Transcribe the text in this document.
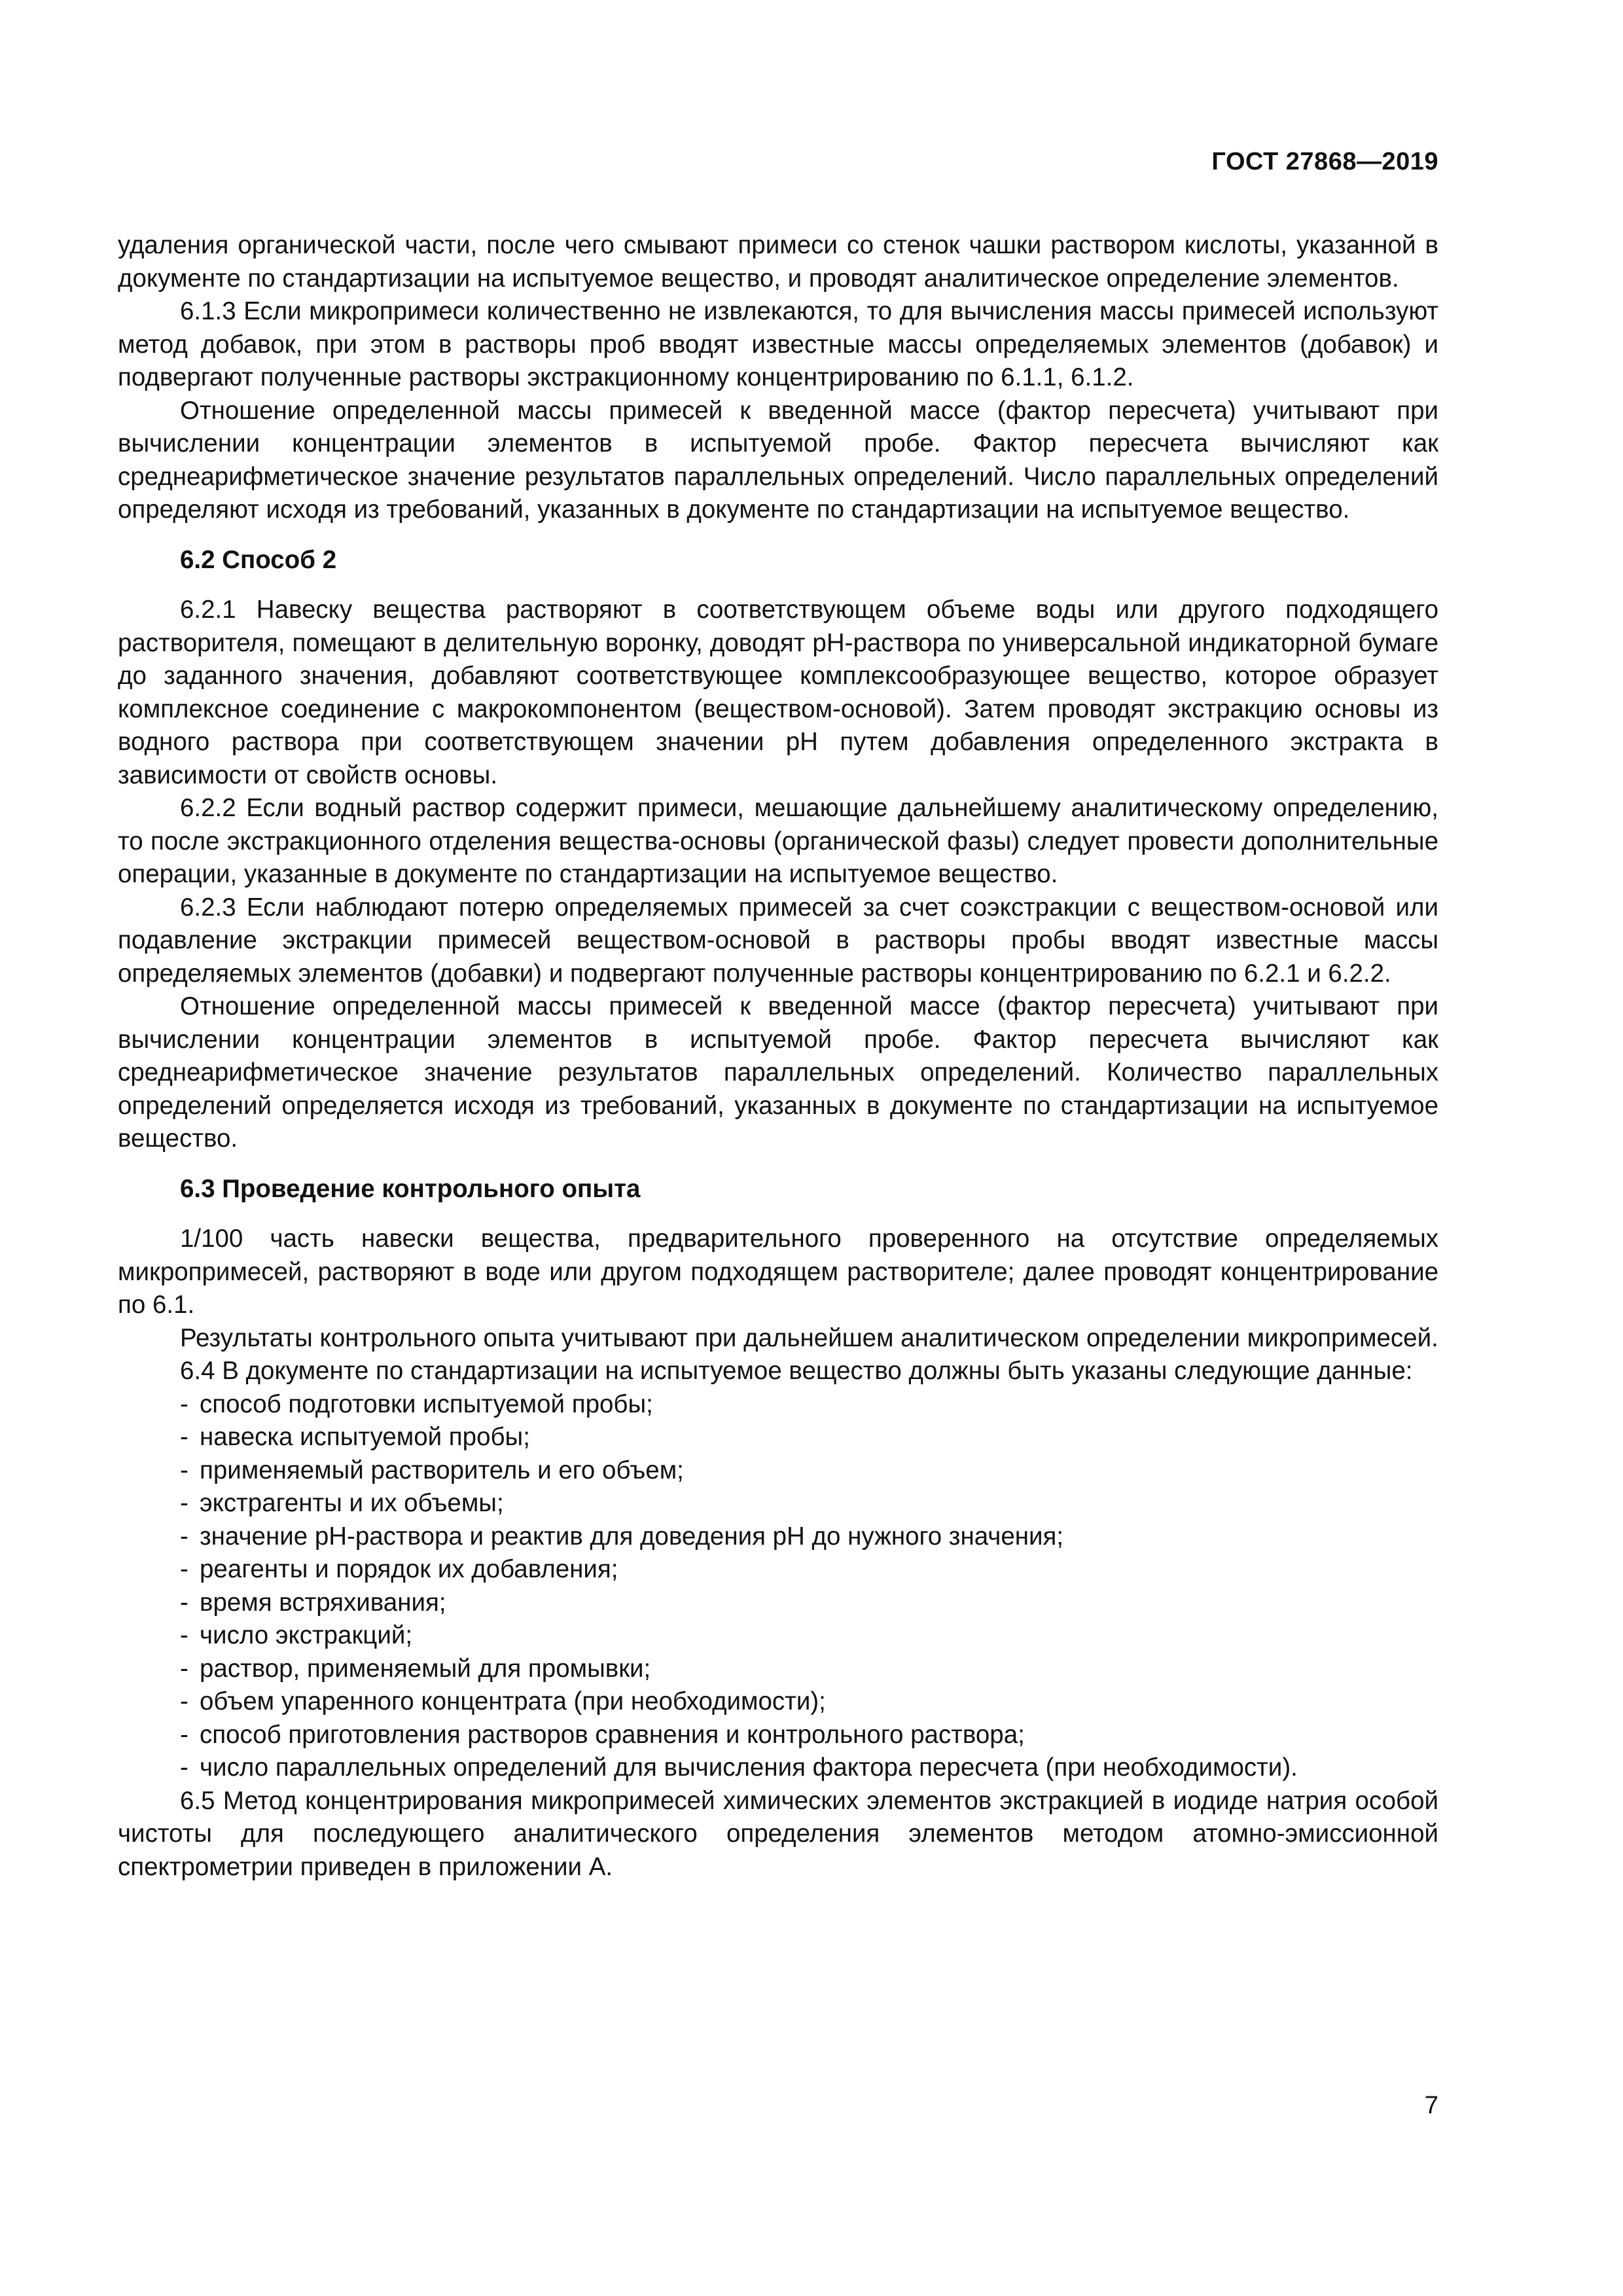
ГОСТ 27868—2019

удаления органической части, после чего смывают примеси со стенок чашки раствором кислоты, указанной в документе по стандартизации на испытуемое вещество, и проводят аналитическое определение элементов.

6.1.3 Если микропримеси количественно не извлекаются, то для вычисления массы примесей используют метод добавок, при этом в растворы проб вводят известные массы определяемых элементов (добавок) и подвергают полученные растворы экстракционному концентрированию по 6.1.1, 6.1.2.

Отношение определенной массы примесей к введенной массе (фактор пересчета) учитывают при вычислении концентрации элементов в испытуемой пробе. Фактор пересчета вычисляют как среднеарифметическое значение результатов параллельных определений. Число параллельных определений определяют исходя из требований, указанных в документе по стандартизации на испытуемое вещество.

6.2 Способ 2

6.2.1 Навеску вещества растворяют в соответствующем объеме воды или другого подходящего растворителя, помещают в делительную воронку, доводят pH-раствора по универсальной индикаторной бумаге до заданного значения, добавляют соответствующее комплексообразующее вещество, которое образует комплексное соединение с макрокомпонентом (веществом-основой). Затем проводят экстракцию основы из водного раствора при соответствующем значении pH путем добавления определенного экстракта в зависимости от свойств основы.

6.2.2 Если водный раствор содержит примеси, мешающие дальнейшему аналитическому определению, то после экстракционного отделения вещества-основы (органической фазы) следует провести дополнительные операции, указанные в документе по стандартизации на испытуемое вещество.

6.2.3 Если наблюдают потерю определяемых примесей за счет соэкстракции с веществом-основой или подавление экстракции примесей веществом-основой в растворы пробы вводят известные массы определяемых элементов (добавки) и подвергают полученные растворы концентрированию по 6.2.1 и 6.2.2.

Отношение определенной массы примесей к введенной массе (фактор пересчета) учитывают при вычислении концентрации элементов в испытуемой пробе. Фактор пересчета вычисляют как среднеарифметическое значение результатов параллельных определений. Количество параллельных определений определяется исходя из требований, указанных в документе по стандартизации на испытуемое вещество.

6.3 Проведение контрольного опыта

1/100 часть навески вещества, предварительного проверенного на отсутствие определяемых микропримесей, растворяют в воде или другом подходящем растворителе; далее проводят концентрирование по 6.1.

Результаты контрольного опыта учитывают при дальнейшем аналитическом определении микропримесей.

6.4 В документе по стандартизации на испытуемое вещество должны быть указаны следующие данные:

- способ подготовки испытуемой пробы;
- навеска испытуемой пробы;
- применяемый растворитель и его объем;
- экстрагенты и их объемы;
- значение pH-раствора и реактив для доведения pH до нужного значения;
- реагенты и порядок их добавления;
- время встряхивания;
- число экстракций;
- раствор, применяемый для промывки;
- объем упаренного концентрата (при необходимости);
- способ приготовления растворов сравнения и контрольного раствора;
- число параллельных определений для вычисления фактора пересчета (при необходимости).

6.5 Метод концентрирования микропримесей химических элементов экстракцией в иодиде натрия особой чистоты для последующего аналитического определения элементов методом атомно-эмиссионной спектрометрии приведен в приложении А.

7
